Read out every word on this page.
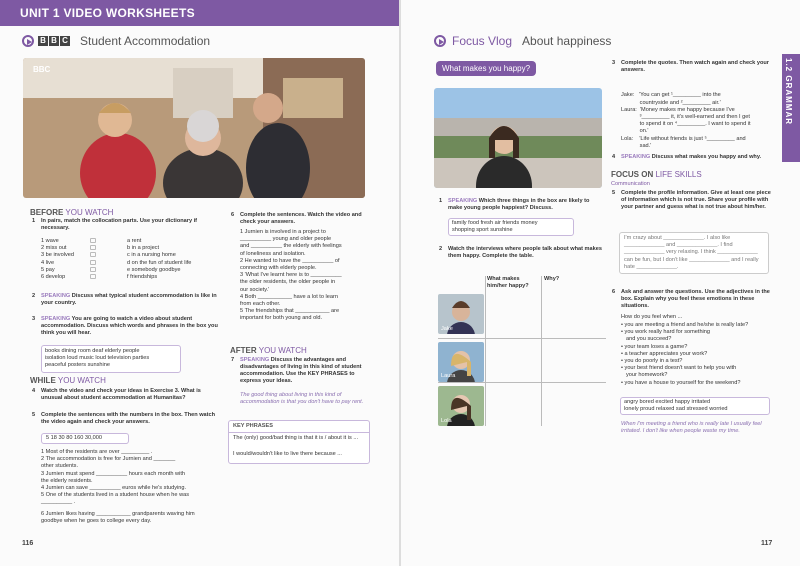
UNIT 1 VIDEO WORKSHEETS
B B C Student Accommodation
BBC
BEFORE YOU WATCH
1 In pairs, match the collocation parts. Use your dictionary if necessary.
1 wave
2 miss out
3 be involved
4 live
5 pay
6 develop
a rent
b in a project
c in a nursing home
d on the fun of student life
e somebody goodbye
f friendships
2 SPEAKING Discuss what typical student accommodation is like in your country.
3 SPEAKING You are going to watch a video about student accommodation. Discuss which words and phrases in the box you think you will hear.
books dining room deaf elderly people
isolation loud music loud television parties
peaceful posters sunshine
WHILE YOU WATCH
4 Watch the video and check your ideas in Exercise 3. What is unusual about student accommodation at Humanitas?
5 Complete the sentences with the numbers in the box. Then watch the video again and check your answers.
5 18 30 80 160 30,000
1 Most of the residents are over _________ .
2 The accommodation is free for Jurnien and _______
other students.
3 Jurnien must spend __________ hours each month with
the elderly residents.
4 Jurnien can save __________ euros while he's studying.
5 One of the students lived in a student house when he was
__________ .
6 Jurnien likes having ___________ grandparents waving him
goodbye when he goes to college every day.
6 Complete the sentences. Watch the video and check your answers.
1 Jurnien is involved in a project to
__________ young and older people
and __________ the elderly with feelings
of loneliness and isolation.
2 He wanted to have the __________ of
connecting with elderly people.
3 'What I've learnt here is to __________
the older residents, the older people in
our society.'
4 Both ___________ have a lot to learn
from each other.
5 The friendships that ___________ are
important for both young and old.
AFTER YOU WATCH
7 SPEAKING Discuss the advantages and disadvantages of living in this kind of student accommodation. Use the KEY PHRASES to express your ideas.
The good thing about living in this kind of accommodation is that you don't have to pay rent.
KEY PHRASES
The (only) good/bad thing is that it is / about it is ...
I would/wouldn't like to live there because ...
116
Focus Vlog About happiness
What makes you happy?	1.2 GRAMMAR
1 SPEAKING Which three things in the box are likely to make young people happiest? Discuss.
family food fresh air friends money
shopping sport sunshine
2 Watch the interviews where people talk about what makes them happy. Complete the table.
What makes him/her happy?
Why?
Jake
Laura
Lola
3 Complete the quotes. Then watch again and check your answers.

Jake:   'You can get ¹_________ into the
countryside and ²_________ air.'
Laura:  'Money makes me happy because I've
³_________ it, it's well-earned and then I get
to spend it on ⁴_________. I want to spend it
on.'
Lola:    'Life without friends is just ⁵_________ and
sad.'

4 SPEAKING Discuss what makes you happy and why.
FOCUS ON LIFE SKILLS
Communication
5 Complete the profile information. Give at least one piece of information which is not true. Share your profile with your partner and guess what is not true about him/her.
I'm crazy about _____________. I also like
_____________ and _____________. I find
_____________ very relaxing. I think _____________
can be fun, but I don't like _____________ and I really
hate _____________.
6 Ask and answer the questions. Use the adjectives in the box. Explain why you feel these emotions in these situations.
How do you feel when ...
• you are meeting a friend and he/she is really late?
• you work really hard for something
and you succeed?
• your team loses a game?
• a teacher appreciates your work?
• you do poorly in a test?
• your best friend doesn't want to help you with
your homework?
• you have a house to yourself for the weekend?
angry bored excited happy irritated
lonely proud relaxed sad stressed worried
When I'm meeting a friend who is really late I usually feel irritated. I don't like when people waste my time.
117
